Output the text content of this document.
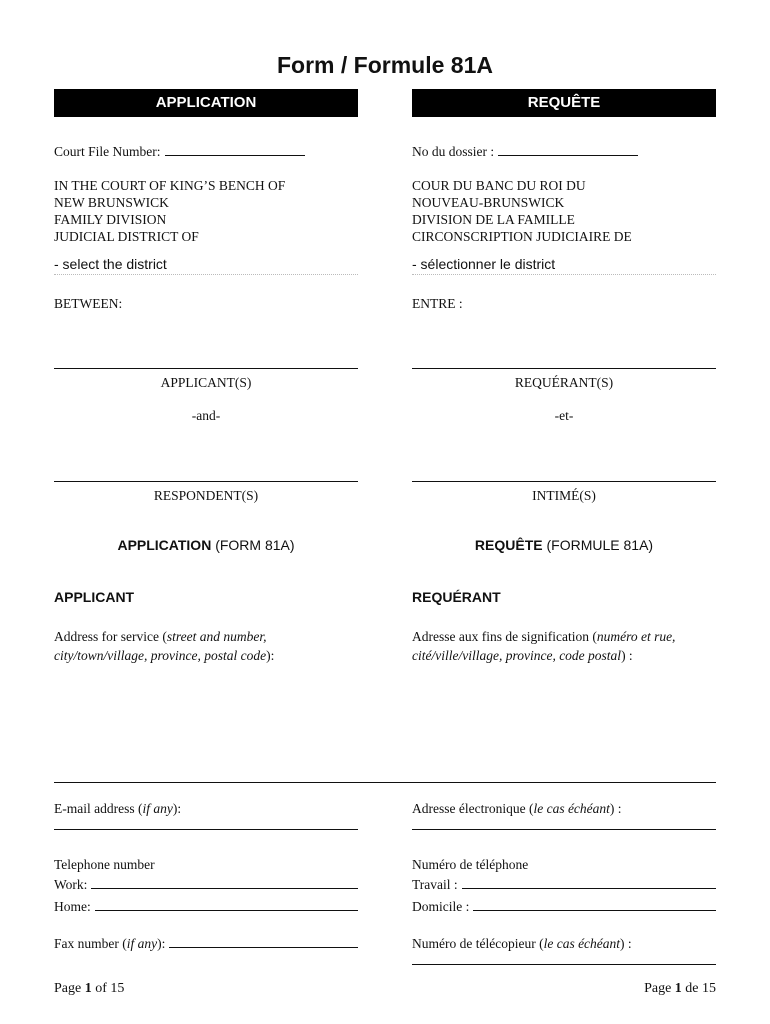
Form / Formule 81A
APPLICATION
Court File Number:
IN THE COURT OF KING’S BENCH OF
NEW BRUNSWICK
FAMILY DIVISION
JUDICIAL DISTRICT OF
- select the district
BETWEEN:
APPLICANT(S)
-and-
RESPONDENT(S)
APPLICATION (FORM 81A)
APPLICANT
Address for service (street and number,
city/town/village, province, postal code):
E-mail address (if any):
Telephone number
Work:
Home:
Fax number (if any):
Page 1 of 15
REQUÊTE
No du dossier :
COUR DU BANC DU ROI DU
NOUVEAU-BRUNSWICK
DIVISION DE LA FAMILLE
CIRCONSCRIPTION JUDICIAIRE DE
- sélectionner le district
ENTRE :
REQUÉRANT(S)
-et-
INTIMÉ(S)
REQUÊTE (FORMULE 81A)
REQUÉRANT
Adresse aux fins de signification (numéro et rue,
cité/ville/village, province, code postal) :
Adresse électronique (le cas échéant) :
Numéro de téléphone
Travail :
Domicile :
Numéro de télécopieur (le cas échéant) :
Page 1 de 15
